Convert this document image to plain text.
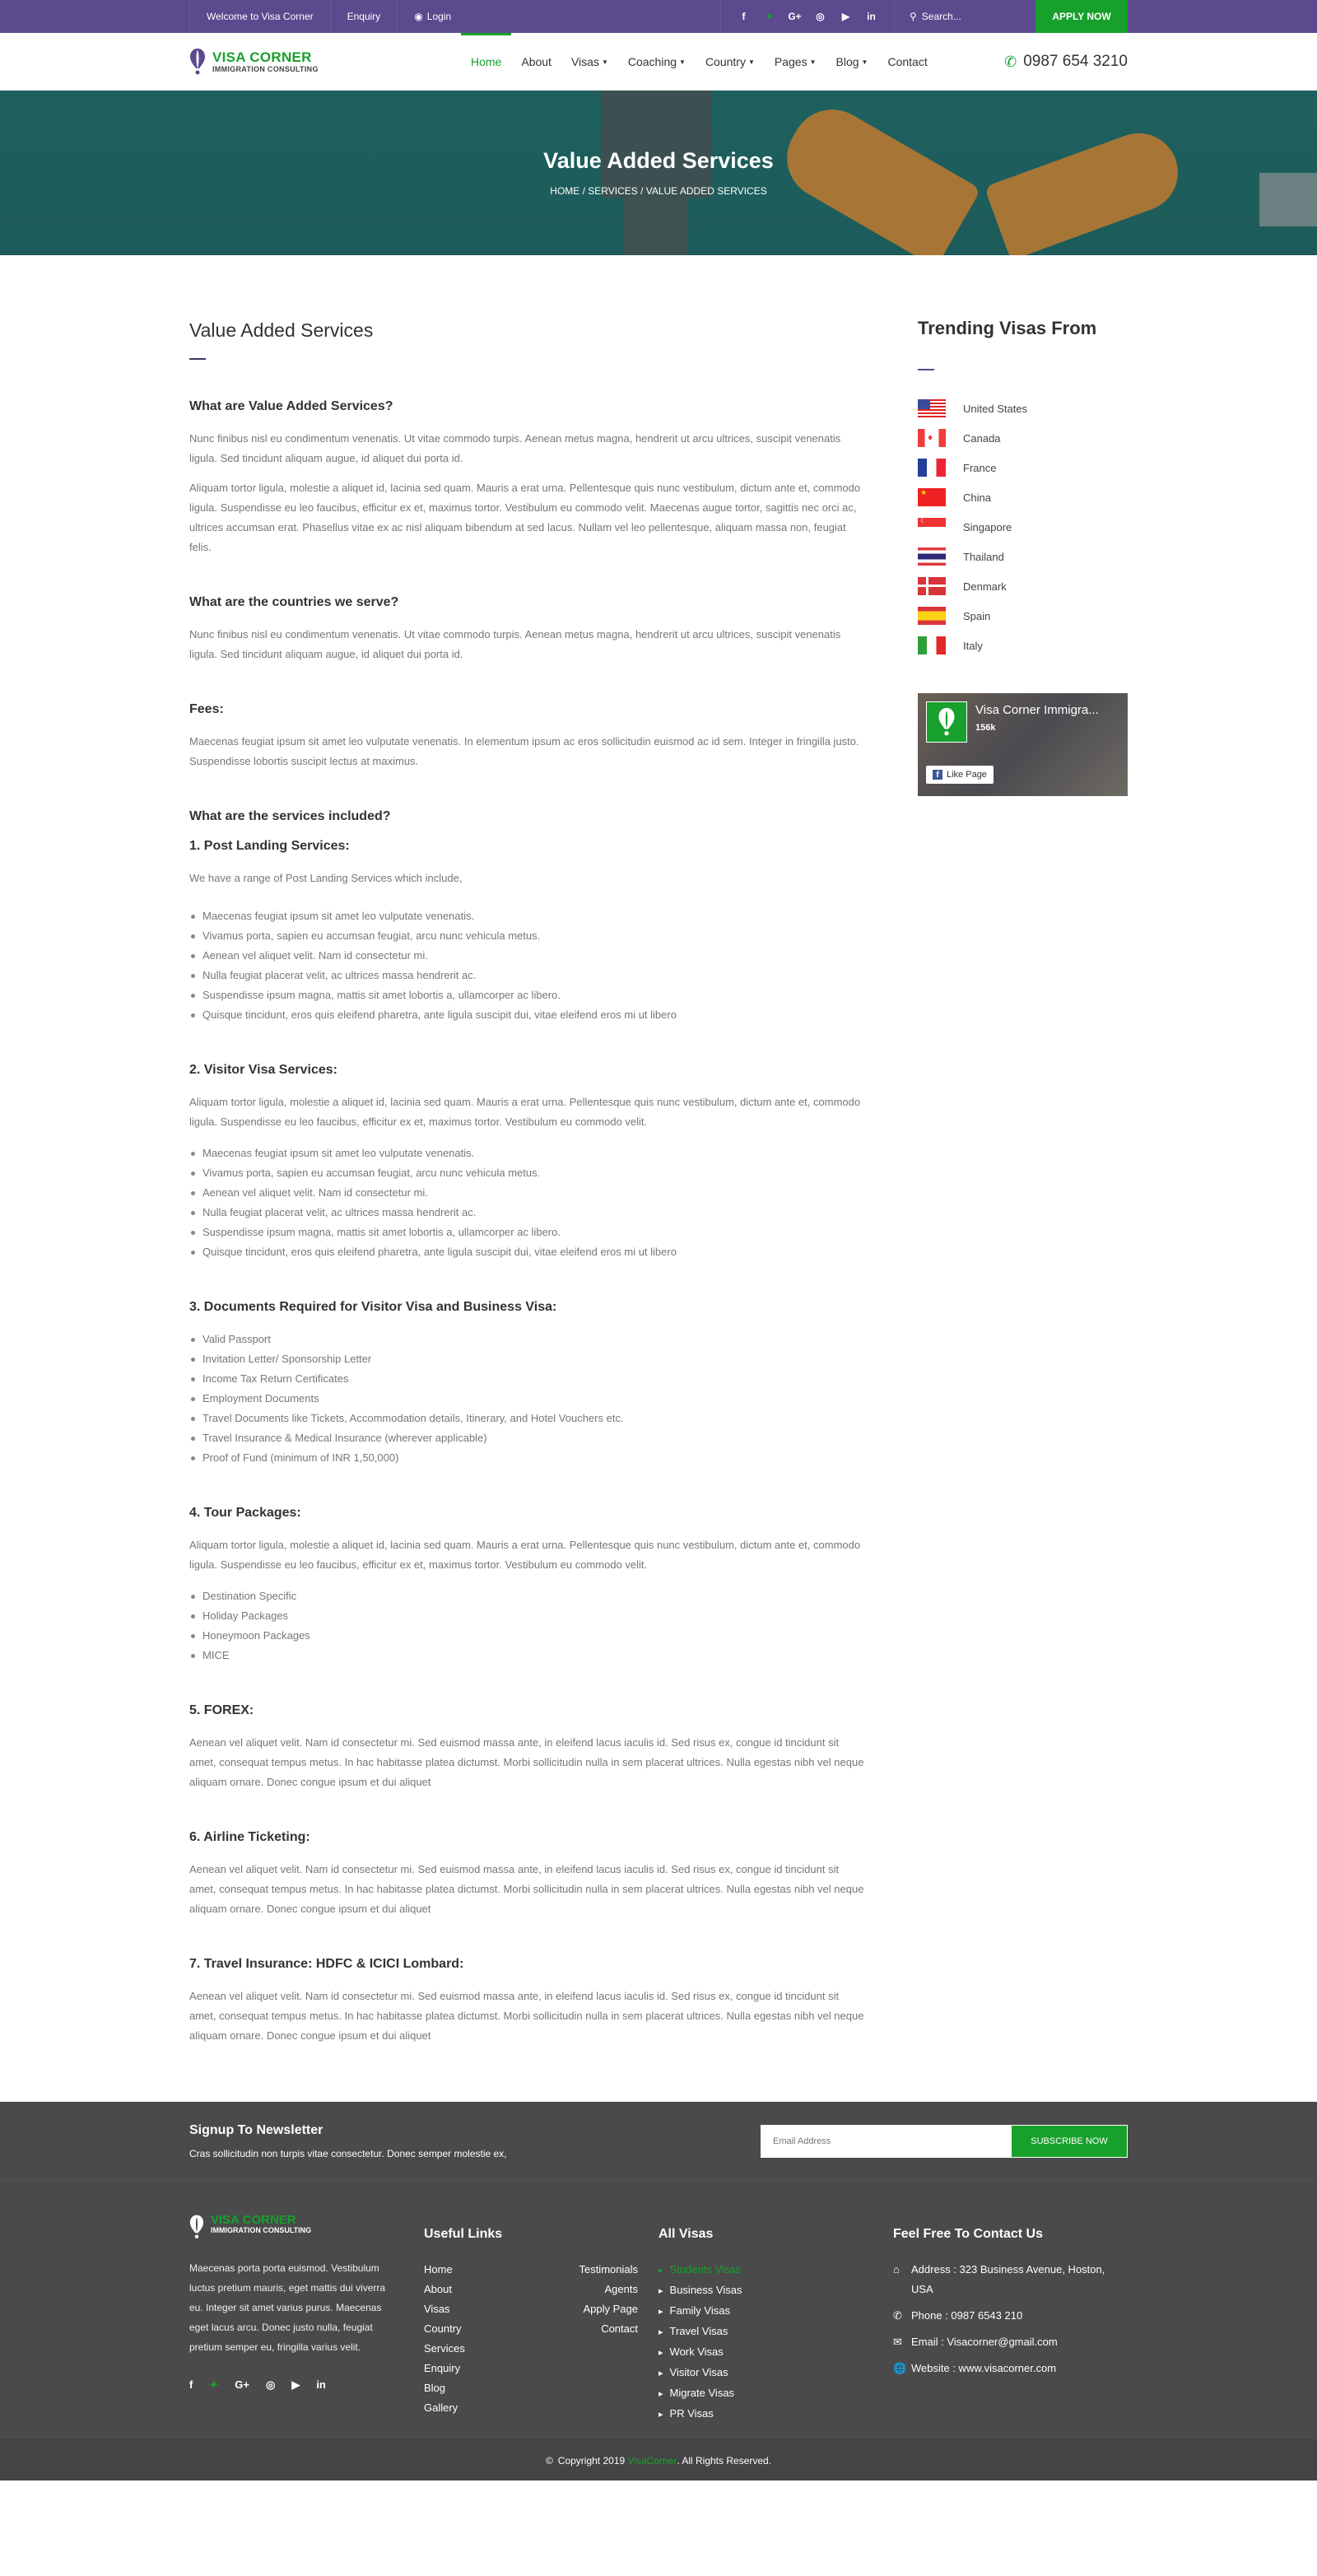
Welcome to Visa Corner	Enquiry	◉ Login	f	✦	G+	◎	▶	in	⚲ Search...	APPLY NOW
VISA CORNER
IMMIGRATION CONSULTING
Home About Visas ▼ Coaching ▼ Country ▼ Pages ▼ Blog ▼ Contact	✆ 0987 654 3210
Value Added Services
HOME / SERVICES / VALUE ADDED SERVICES
Value Added Services
What are Value Added Services?

Nunc finibus nisl eu condimentum venenatis. Ut vitae commodo turpis. Aenean metus magna, hendrerit ut arcu ultrices, suscipit venenatis ligula. Sed tincidunt aliquam augue, id aliquet dui porta id.

Aliquam tortor ligula, molestie a aliquet id, lacinia sed quam. Mauris a erat urna. Pellentesque quis nunc vestibulum, dictum ante et, commodo ligula. Suspendisse eu leo faucibus, efficitur ex et, maximus tortor. Vestibulum eu commodo velit. Maecenas augue tortor, sagittis nec orci ac, ultrices accumsan erat. Phasellus vitae ex ac nisl aliquam bibendum at sed lacus. Nullam vel leo pellentesque, aliquam massa non, feugiat felis.

What are the countries we serve?

Nunc finibus nisl eu condimentum venenatis. Ut vitae commodo turpis. Aenean metus magna, hendrerit ut arcu ultrices, suscipit venenatis ligula. Sed tincidunt aliquam augue, id aliquet dui porta id.

Fees:

Maecenas feugiat ipsum sit amet leo vulputate venenatis. In elementum ipsum ac eros sollicitudin euismod ac id sem. Integer in fringilla justo. Suspendisse lobortis suscipit lectus at maximus.

What are the services included?
1. Post Landing Services:

We have a range of Post Landing Services which include,

Maecenas feugiat ipsum sit amet leo vulputate venenatis.
Vivamus porta, sapien eu accumsan feugiat, arcu nunc vehicula metus.
Aenean vel aliquet velit. Nam id consectetur mi.
Nulla feugiat placerat velit, ac ultrices massa hendrerit ac.
Suspendisse ipsum magna, mattis sit amet lobortis a, ullamcorper ac libero.
Quisque tincidunt, eros quis eleifend pharetra, ante ligula suscipit dui, vitae eleifend eros mi ut libero
2. Visitor Visa Services:

Aliquam tortor ligula, molestie a aliquet id, lacinia sed quam. Mauris a erat urna. Pellentesque quis nunc vestibulum, dictum ante et, commodo ligula. Suspendisse eu leo faucibus, efficitur ex et, maximus tortor. Vestibulum eu commodo velit.

Maecenas feugiat ipsum sit amet leo vulputate venenatis.
Vivamus porta, sapien eu accumsan feugiat, arcu nunc vehicula metus.
Aenean vel aliquet velit. Nam id consectetur mi.
Nulla feugiat placerat velit, ac ultrices massa hendrerit ac.
Suspendisse ipsum magna, mattis sit amet lobortis a, ullamcorper ac libero.
Quisque tincidunt, eros quis eleifend pharetra, ante ligula suscipit dui, vitae eleifend eros mi ut libero
3. Documents Required for Visitor Visa and Business Visa:
Valid Passport
Invitation Letter/ Sponsorship Letter
Income Tax Return Certificates
Employment Documents
Travel Documents like Tickets, Accommodation details, Itinerary, and Hotel Vouchers etc.
Travel Insurance & Medical Insurance (wherever applicable)
Proof of Fund (minimum of INR 1,50,000)
4. Tour Packages:

Aliquam tortor ligula, molestie a aliquet id, lacinia sed quam. Mauris a erat urna. Pellentesque quis nunc vestibulum, dictum ante et, commodo ligula. Suspendisse eu leo faucibus, efficitur ex et, maximus tortor. Vestibulum eu commodo velit.

Destination Specific
Holiday Packages
Honeymoon Packages
MICE
5. FOREX:

Aenean vel aliquet velit. Nam id consectetur mi. Sed euismod massa ante, in eleifend lacus iaculis id. Sed risus ex, congue id tincidunt sit amet, consequat tempus metus. In hac habitasse platea dictumst. Morbi sollicitudin nulla in sem placerat ultrices. Nulla egestas nibh vel neque aliquam ornare. Donec congue ipsum et dui aliquet

6. Airline Ticketing:

Aenean vel aliquet velit. Nam id consectetur mi. Sed euismod massa ante, in eleifend lacus iaculis id. Sed risus ex, congue id tincidunt sit amet, consequat tempus metus. In hac habitasse platea dictumst. Morbi sollicitudin nulla in sem placerat ultrices. Nulla egestas nibh vel neque aliquam ornare. Donec congue ipsum et dui aliquet

7. Travel Insurance: HDFC & ICICI Lombard:

Aenean vel aliquet velit. Nam id consectetur mi. Sed euismod massa ante, in eleifend lacus iaculis id. Sed risus ex, congue id tincidunt sit amet, consequat tempus metus. In hac habitasse platea dictumst. Morbi sollicitudin nulla in sem placerat ultrices. Nulla egestas nibh vel neque aliquam ornare. Donec congue ipsum et dui aliquet

Trending Visas From
United States
♦	Canada
France
★	China
☾	Singapore
Thailand
Denmark
Spain
Italy
Visa Corner Immigra...
156k
f Like Page
Signup To Newsletter
Cras sollicitudin non turpis vitae consectetur. Donec semper molestie ex,
Email Address
SUBSCRIBE NOW
VISA CORNER
IMMIGRATION CONSULTING
Maecenas porta porta euismod. Vestibulum luctus pretium mauris, eget mattis dui viverra eu. Integer sit amet varius purus. Maecenas eget lacus arcu. Donec justo nulla, feugiat pretium semper eu, fringilla varius velit.
f ✦ G+ ◎ ▶ in
Useful Links
Home
About
Visas
Country
Services
Enquiry
Blog
Gallery
Testimonials
Agents
Apply Page
Contact
All Visas
▸ Students Visas
▸ Business Visas
▸ Family Visas
▸ Travel Visas
▸ Work Visas
▸ Visitor Visas
▸ Migrate Visas
▸ PR Visas
Feel Free To Contact Us
⌂	Address : 323 Business Avenue, Hoston, USA
✆ Phone : 0987 6543 210
✉ Email : Visacorner@gmail.com
🌐 Website : www.visacorner.com
© Copyright 2019 VisaCorner . All Rights Reserved.
